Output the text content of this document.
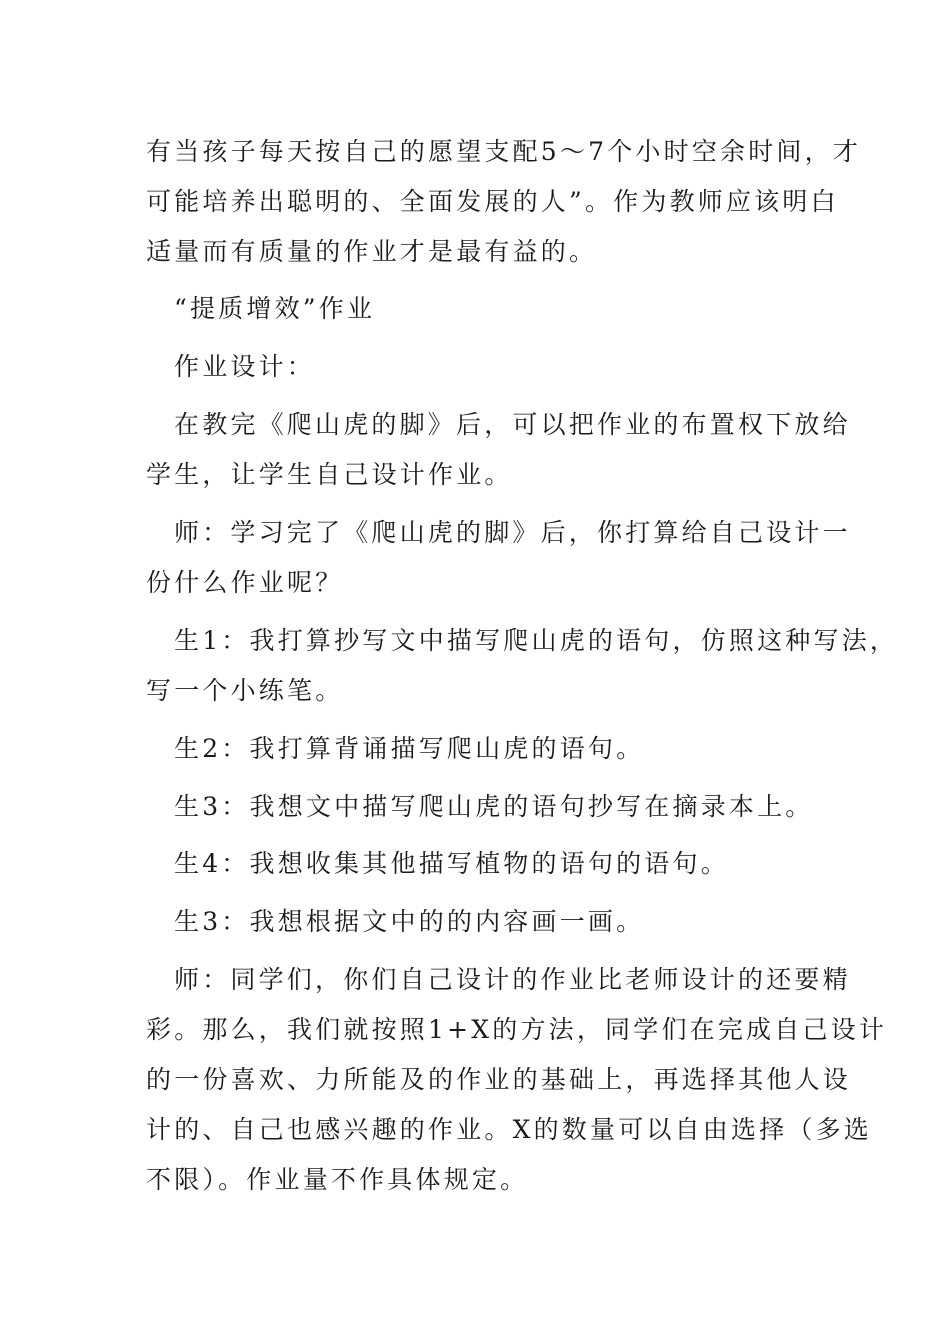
有当孩子每天按自己的愿望支配5～7个小时空余时间，才
可能培养出聪明的、全面发展的人”。作为教师应该明白
适量而有质量的作业才是最有益的。
“提质增效”作业
作业设计：
在教完《爬山虎的脚》后，可以把作业的布置权下放给
学生，让学生自己设计作业。
师：学习完了《爬山虎的脚》后，你打算给自己设计一
份什么作业呢？
生1：我打算抄写文中描写爬山虎的语句，仿照这种写法，
写一个小练笔。
生2：我打算背诵描写爬山虎的语句。
生3：我想文中描写爬山虎的语句抄写在摘录本上。
生4：我想收集其他描写植物的语句的语句。
生3：我想根据文中的的内容画一画。
师：同学们，你们自己设计的作业比老师设计的还要精
彩。那么，我们就按照1+X的方法，同学们在完成自己设计
的一份喜欢、力所能及的作业的基础上，再选择其他人设
计的、自己也感兴趣的作业。X的数量可以自由选择（多选
不限）。作业量不作具体规定。
